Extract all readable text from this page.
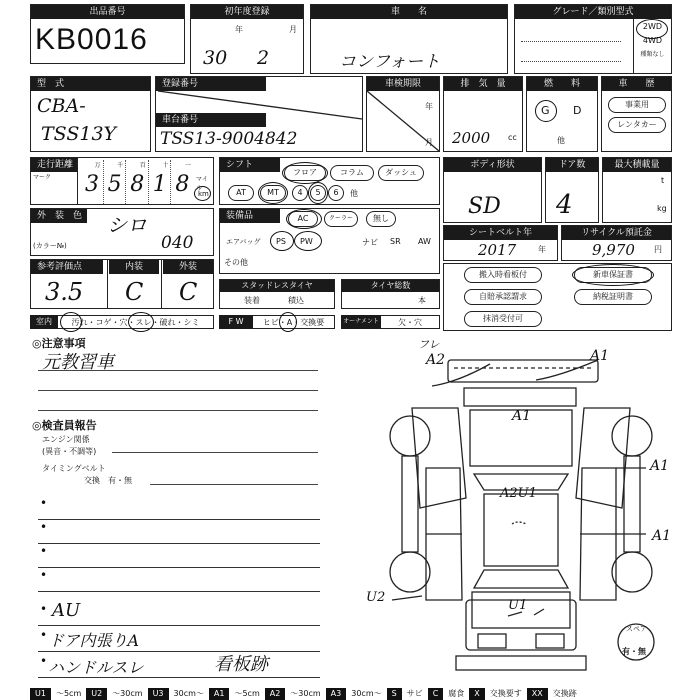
出品番号
KB0016
初年度登録
年	月
30 2
車　　名
コンフォート
グレード／類別型式
2WD
4WD
種類なし
型　式
CBA-
TSS13Y
登録番号
車台番号
TSS13-9004842
車検期限
年
月
排　気　量
2000 cc
燃　　料
G D
他
車　　歴
事業用
レンタカー
走行距離
マーク
万
3
千
5
百
8
十
1
一
8 マイル
km
シフト
フロア	コラム	ダッシュ
AT	MT	4	5	6	他
ボディ形状
SD
ドア数
4
最大積載量
t
kg
外　装　色 シロ
(カラー№)	040
装備品	AC	クーラー	無し
エアバッグ PS PW	ナビ SR AW
その他
シートベルト年
2017	年
リサイクル預託金
9,970 円
参考評価点	内装	外装
3.5 C C	スタッドレスタイヤ
装着	積込
タイヤ総数
本
搬入時看板付	新車保証書
自賠承認謂求	納税証明書
抹消受付可
室内	汚れ・コゲ・穴・スレ・破れ・シミ	F W	ヒビ・A・交換要	オーナメント	欠・穴
◎注意事項
元教習車
◎検査員報告
エンジン関係
(異音・不調等)
タイミングベルト
交換　有・無
•
•
•
•
• AU
• ドア内張りA
• ハンドルスレ	看板跡
フレ
A2	A1
A1
A1
A1
A2U1
U2
U1
スペア
有・無
U1	～5cm	U2	～30cm	U3	30cm～	A1	～5cm	A2	～30cm	A3	30cm～	S	サビ	C	腐食	X	交換要す	XX	交換跡
